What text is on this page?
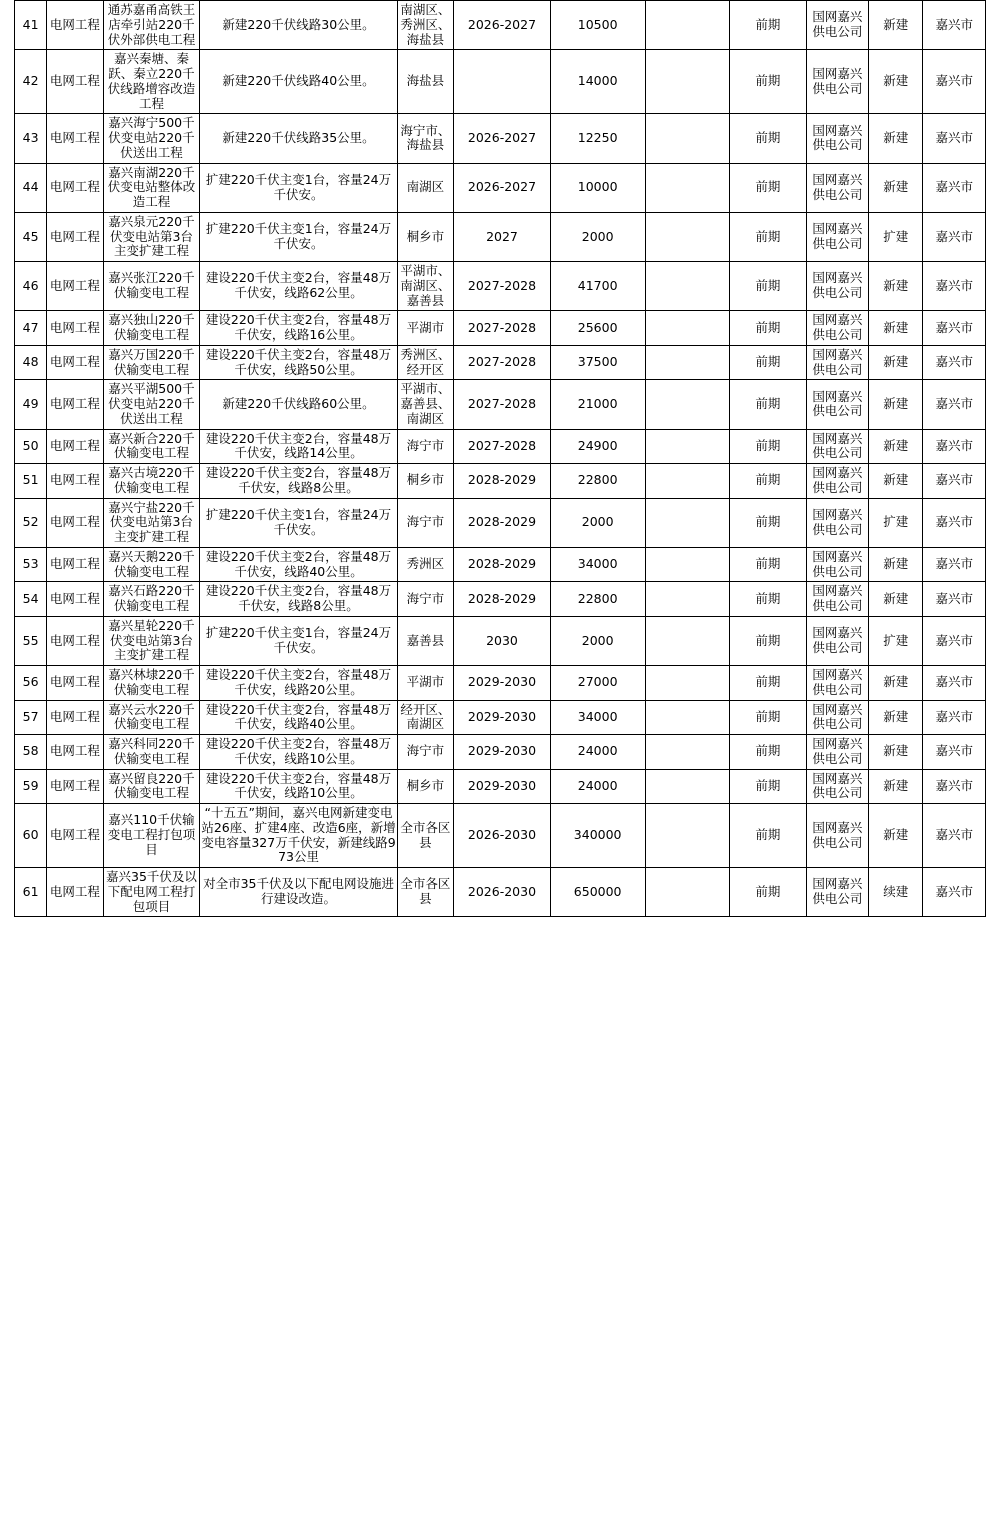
41	电网工程	通苏嘉甬高铁王店牵引站220千伏外部供电工程	新建220千伏线路30公里。	南湖区、秀洲区、海盐县	2026-2027	10500		前期	国网嘉兴供电公司	新建	嘉兴市
42	电网工程	嘉兴秦塘、秦跃、秦立220千伏线路增容改造工程	新建220千伏线路40公里。	海盐县		14000		前期	国网嘉兴供电公司	新建	嘉兴市
43	电网工程	嘉兴海宁500千伏变电站220千伏送出工程	新建220千伏线路35公里。	海宁市、海盐县	2026-2027	12250		前期	国网嘉兴供电公司	新建	嘉兴市
44	电网工程	嘉兴南湖220千伏变电站整体改造工程	扩建220千伏主变1台，容量24万千伏安。	南湖区	2026-2027	10000		前期	国网嘉兴供电公司	新建	嘉兴市
45	电网工程	嘉兴泉元220千伏变电站第3台主变扩建工程	扩建220千伏主变1台，容量24万千伏安。	桐乡市	2027	2000		前期	国网嘉兴供电公司	扩建	嘉兴市
46	电网工程	嘉兴张江220千伏输变电工程	建设220千伏主变2台，容量48万千伏安，线路62公里。	平湖市、南湖区、嘉善县	2027-2028	41700		前期	国网嘉兴供电公司	新建	嘉兴市
47	电网工程	嘉兴独山220千伏输变电工程	建设220千伏主变2台，容量48万千伏安，线路16公里。	平湖市	2027-2028	25600		前期	国网嘉兴供电公司	新建	嘉兴市
48	电网工程	嘉兴万国220千伏输变电工程	建设220千伏主变2台，容量48万千伏安，线路50公里。	秀洲区、经开区	2027-2028	37500		前期	国网嘉兴供电公司	新建	嘉兴市
49	电网工程	嘉兴平湖500千伏变电站220千伏送出工程	新建220千伏线路60公里。	平湖市、嘉善县、南湖区	2027-2028	21000		前期	国网嘉兴供电公司	新建	嘉兴市
50	电网工程	嘉兴新合220千伏输变电工程	建设220千伏主变2台，容量48万千伏安，线路14公里。	海宁市	2027-2028	24900		前期	国网嘉兴供电公司	新建	嘉兴市
51	电网工程	嘉兴古境220千伏输变电工程	建设220千伏主变2台，容量48万千伏安，线路8公里。	桐乡市	2028-2029	22800		前期	国网嘉兴供电公司	新建	嘉兴市
52	电网工程	嘉兴宁盐220千伏变电站第3台主变扩建工程	扩建220千伏主变1台，容量24万千伏安。	海宁市	2028-2029	2000		前期	国网嘉兴供电公司	扩建	嘉兴市
53	电网工程	嘉兴天鹅220千伏输变电工程	建设220千伏主变2台，容量48万千伏安，线路40公里。	秀洲区	2028-2029	34000		前期	国网嘉兴供电公司	新建	嘉兴市
54	电网工程	嘉兴石路220千伏输变电工程	建设220千伏主变2台，容量48万千伏安，线路8公里。	海宁市	2028-2029	22800		前期	国网嘉兴供电公司	新建	嘉兴市
55	电网工程	嘉兴星轮220千伏变电站第3台主变扩建工程	扩建220千伏主变1台，容量24万千伏安。	嘉善县	2030	2000		前期	国网嘉兴供电公司	扩建	嘉兴市
56	电网工程	嘉兴林埭220千伏输变电工程	建设220千伏主变2台，容量48万千伏安，线路20公里。	平湖市	2029-2030	27000		前期	国网嘉兴供电公司	新建	嘉兴市
57	电网工程	嘉兴云水220千伏输变电工程	建设220千伏主变2台，容量48万千伏安，线路40公里。	经开区、南湖区	2029-2030	34000		前期	国网嘉兴供电公司	新建	嘉兴市
58	电网工程	嘉兴科同220千伏输变电工程	建设220千伏主变2台，容量48万千伏安，线路10公里。	海宁市	2029-2030	24000		前期	国网嘉兴供电公司	新建	嘉兴市
59	电网工程	嘉兴留良220千伏输变电工程	建设220千伏主变2台，容量48万千伏安，线路10公里。	桐乡市	2029-2030	24000		前期	国网嘉兴供电公司	新建	嘉兴市
60	电网工程	嘉兴110千伏输变电工程打包项目	“十五五”期间，嘉兴电网新建变电站26座、扩建4座、改造6座，新增变电容量327万千伏安，新建线路973公里	全市各区县	2026-2030	340000		前期	国网嘉兴供电公司	新建	嘉兴市
61	电网工程	嘉兴35千伏及以下配电网工程打包项目	对全市35千伏及以下配电网设施进行建设改造。	全市各区县	2026-2030	650000		前期	国网嘉兴供电公司	续建	嘉兴市
